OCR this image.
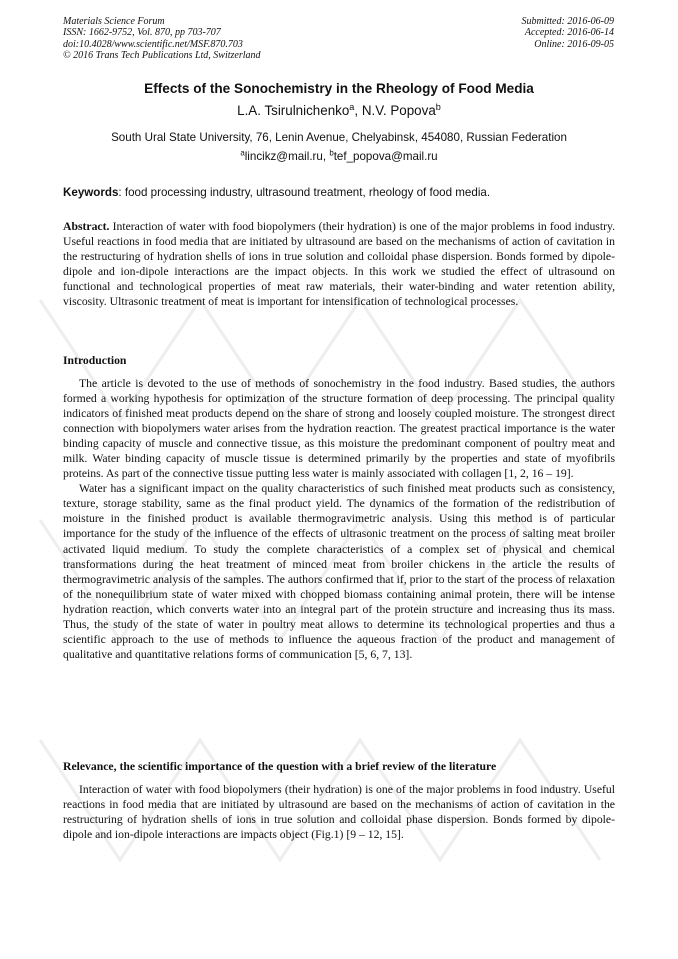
Materials Science Forum
ISSN: 1662-9752, Vol. 870, pp 703-707
doi:10.4028/www.scientific.net/MSF.870.703
© 2016 Trans Tech Publications Ltd, Switzerland
Submitted: 2016-06-09
Accepted: 2016-06-14
Online: 2016-09-05
Effects of the Sonochemistry in the Rheology of Food Media
L.A. Tsirulnichenko$^a$, N.V. Popova$^b$
South Ural State University, 76, Lenin Avenue, Chelyabinsk, 454080, Russian Federation
$^a$lincikz@mail.ru, $^b$tef_popova@mail.ru
Keywords: food processing industry, ultrasound treatment, rheology of food media.

Abstract. Interaction of water with food biopolymers (their hydration) is one of the major problems in food industry. Useful reactions in food media that are initiated by ultrasound are based on the mechanisms of action of cavitation in the restructuring of hydration shells of ions in true solution and colloidal phase dispersion. Bonds formed by dipole-dipole and ion-dipole interactions are the impact objects. In this work we studied the effect of ultrasound on functional and technological properties of meat raw materials, their water-binding and water retention ability, viscosity. Ultrasonic treatment of meat is important for intensification of technological processes.

Introduction

The article is devoted to the use of methods of sonochemistry in the food industry. Based studies, the authors formed a working hypothesis for optimization of the structure formation of deep processing. The principal quality indicators of finished meat products depend on the share of strong and loosely coupled moisture. The strongest direct connection with biopolymers water arises from the hydration reaction. The greatest practical importance is the water binding capacity of muscle and connective tissue, as this moisture the predominant component of poultry meat and milk. Water binding capacity of muscle tissue is determined primarily by the properties and state of myofibrils proteins. As part of the connective tissue putting less water is mainly associated with collagen [1, 2, 16 – 19].

Water has a significant impact on the quality characteristics of such finished meat products such as consistency, texture, storage stability, same as the final product yield. The dynamics of the formation of the redistribution of moisture in the finished product is available thermogravimetric analysis. Using this method is of particular importance for the study of the influence of the effects of ultrasonic treatment on the process of salting meat broiler activated liquid medium. To study the complete characteristics of a complex set of physical and chemical transformations during the heat treatment of minced meat from broiler chickens in the article the results of thermogravimetric analysis of the samples. The authors confirmed that if, prior to the start of the process of relaxation of the nonequilibrium state of water mixed with chopped biomass containing animal protein, there will be intense hydration reaction, which converts water into an integral part of the protein structure and increasing thus its mass. Thus, the study of the state of water in poultry meat allows to determine its technological properties and thus a scientific approach to the use of methods to influence the aqueous fraction of the product and management of qualitative and quantitative relations forms of communication [5, 6, 7, 13].

Relevance, the scientific importance of the question with a brief review of the literature

Interaction of water with food biopolymers (their hydration) is one of the major problems in food industry. Useful reactions in food media that are initiated by ultrasound are based on the mechanisms of action of cavitation in the restructuring of hydration shells of ions in true solution and colloidal phase dispersion. Bonds formed by dipole-dipole and ion-dipole interactions are impacts object (Fig.1) [9 – 12, 15].
